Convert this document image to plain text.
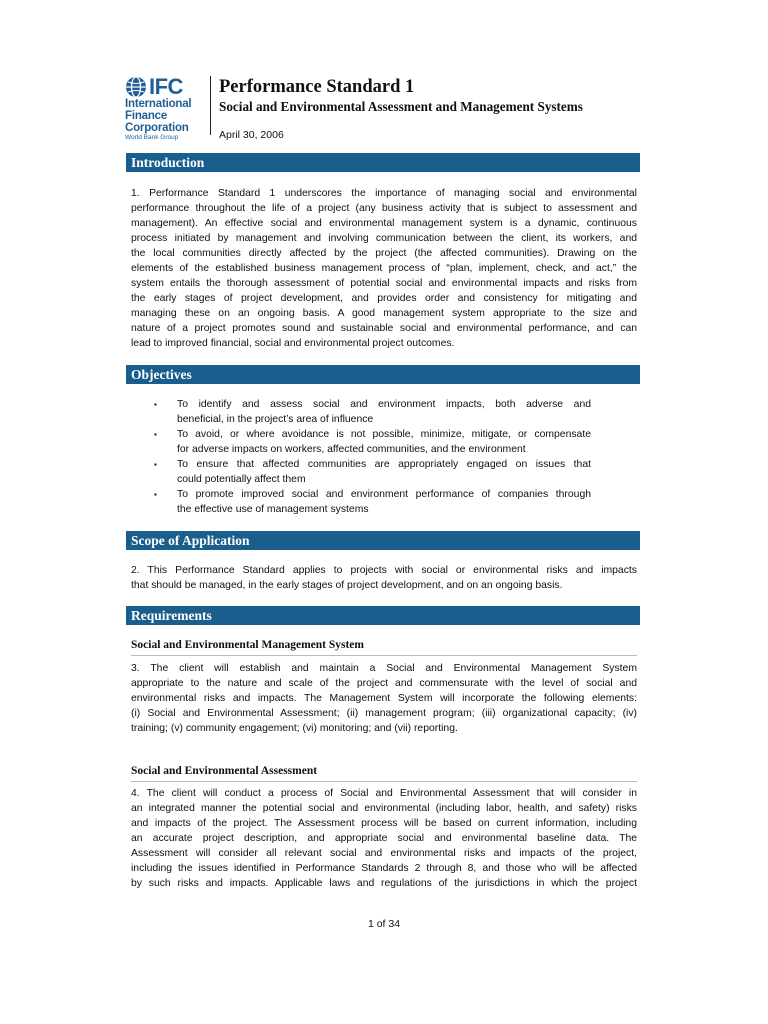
IFC
International
Finance
Corporation
World Bank Group
Performance Standard 1
Social and Environmental Assessment and Management Systems
April 30, 2006
Introduction
1. Performance Standard 1 underscores the importance of managing social and environmental
performance throughout the life of a project (any business activity that is subject to assessment and
management). An effective social and environmental management system is a dynamic, continuous
process initiated by management and involving communication between the client, its workers, and
the local communities directly affected by the project (the affected communities). Drawing on the
elements of the established business management process of “plan, implement, check, and act,” the
system entails the thorough assessment of potential social and environmental impacts and risks from
the early stages of project development, and provides order and consistency for mitigating and
managing these on an ongoing basis. A good management system appropriate to the size and
nature of a project promotes sound and sustainable social and environmental performance, and can
lead to improved financial, social and environmental project outcomes.
Objectives
▪ To identify and assess social and environment impacts, both adverse and
beneficial, in the project’s area of influence
▪ To avoid, or where avoidance is not possible, minimize, mitigate, or compensate
for adverse impacts on workers, affected communities, and the environment
▪ To ensure that affected communities are appropriately engaged on issues that
could potentially affect them
▪ To promote improved social and environment performance of companies through
the effective use of management systems
Scope of Application
2. This Performance Standard applies to projects with social or environmental risks and impacts
that should be managed, in the early stages of project development, and on an ongoing basis.
Requirements
Social and Environmental Management System
3. The client will establish and maintain a Social and Environmental Management System
appropriate to the nature and scale of the project and commensurate with the level of social and
environmental risks and impacts. The Management System will incorporate the following elements:
(i) Social and Environmental Assessment; (ii) management program; (iii) organizational capacity; (iv)
training; (v) community engagement; (vi) monitoring; and (vii) reporting.
Social and Environmental Assessment
4. The client will conduct a process of Social and Environmental Assessment that will consider in
an integrated manner the potential social and environmental (including labor, health, and safety) risks
and impacts of the project. The Assessment process will be based on current information, including
an accurate project description, and appropriate social and environmental baseline data. The
Assessment will consider all relevant social and environmental risks and impacts of the project,
including the issues identified in Performance Standards 2 through 8, and those who will be affected
by such risks and impacts. Applicable laws and regulations of the jurisdictions in which the project
1 of 34
